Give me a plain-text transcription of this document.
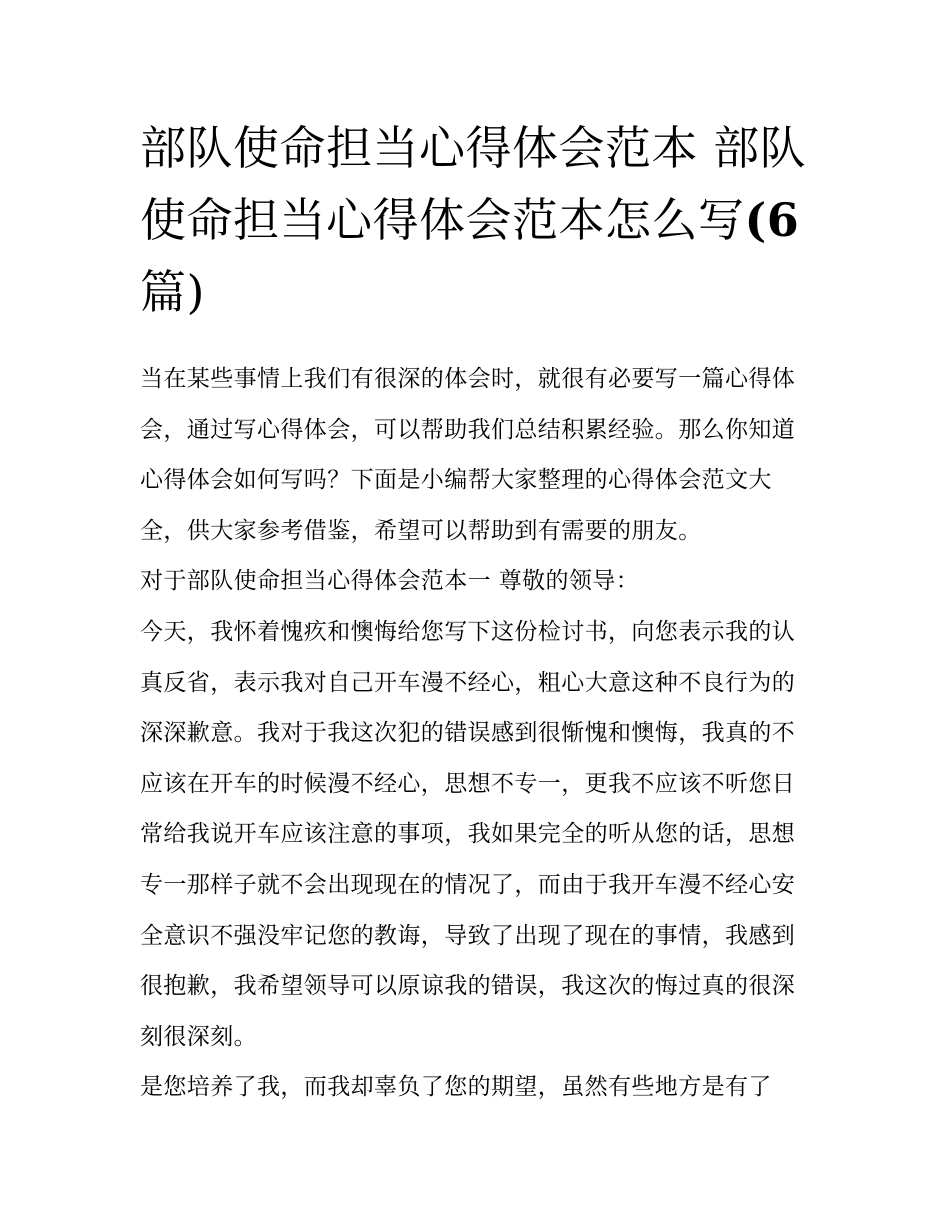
部队使命担当心得体会范本 部队使命担当心得体会范本怎么写(6 篇)

当在某些事情上我们有很深的体会时，就很有必要写一篇心得体会，通过写心得体会，可以帮助我们总结积累经验。那么你知道心得体会如何写吗？下面是小编帮大家整理的心得体会范文大全，供大家参考借鉴，希望可以帮助到有需要的朋友。

对于部队使命担当心得体会范本一 尊敬的领导：

今天，我怀着愧疚和懊悔给您写下这份检讨书，向您表示我的认真反省，表示我对自己开车漫不经心，粗心大意这种不良行为的深深歉意。我对于我这次犯的错误感到很惭愧和懊悔，我真的不应该在开车的时候漫不经心，思想不专一，更我不应该不听您日常给我说开车应该注意的事项，我如果完全的听从您的话，思想专一那样子就不会出现现在的情况了，而由于我开车漫不经心安全意识不强没牢记您的教诲，导致了出现了现在的事情，我感到很抱歉，我希望领导可以原谅我的错误，我这次的悔过真的很深刻很深刻。

是您培养了我，而我却辜负了您的期望，虽然有些地方是有了
